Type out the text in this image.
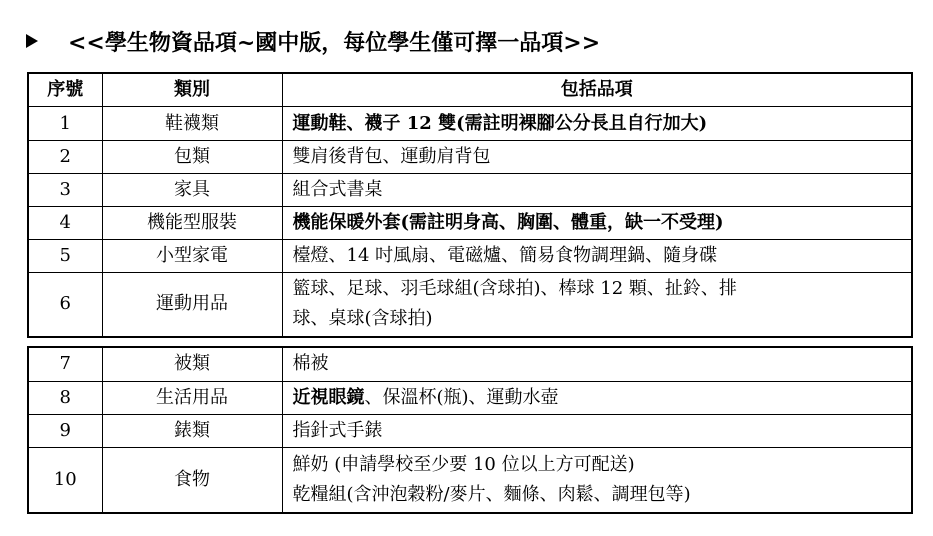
<<學生物資品項~國中版，每位學生僅可擇一品項>>
序號	類別	包括品項
1	鞋襪類	運動鞋、襪子 12 雙(需註明裸腳公分長且自行加大)
2	包類	雙肩後背包、運動肩背包
3	家具	組合式書桌
4	機能型服裝	機能保暖外套(需註明身高、胸圍、體重，缺一不受理)
5	小型家電	檯燈、14 吋風扇、電磁爐、簡易食物調理鍋、隨身碟
6	運動用品	籃球、足球、羽毛球組(含球拍)、棒球 12 顆、扯鈴、排
球、桌球(含球拍)
7	被類	棉被
8	生活用品	近視眼鏡、保溫杯(瓶)、運動水壺
9	錶類	指針式手錶
10	食物	鮮奶 (申請學校至少要 10 位以上方可配送)
乾糧組(含沖泡穀粉/麥片、麵條、肉鬆、調理包等)
